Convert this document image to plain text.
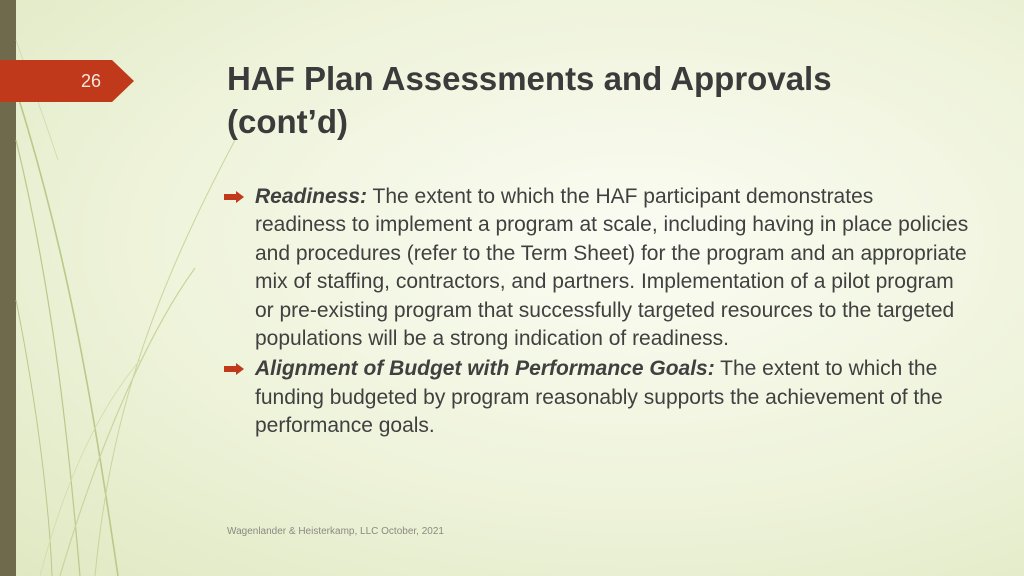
26	HAF Plan Assessments and Approvals (cont’d)
Readiness: The extent to which the HAF participant demonstrates readiness to implement a program at scale, including having in place policies and procedures (refer to the Term Sheet) for the program and an appropriate mix of staffing, contractors, and partners. Implementation of a pilot program or pre-existing program that successfully targeted resources to the targeted populations will be a strong indication of readiness.
Alignment of Budget with Performance Goals: The extent to which the funding budgeted by program reasonably supports the achievement of the performance goals.
Wagenlander & Heisterkamp, LLC October, 2021
